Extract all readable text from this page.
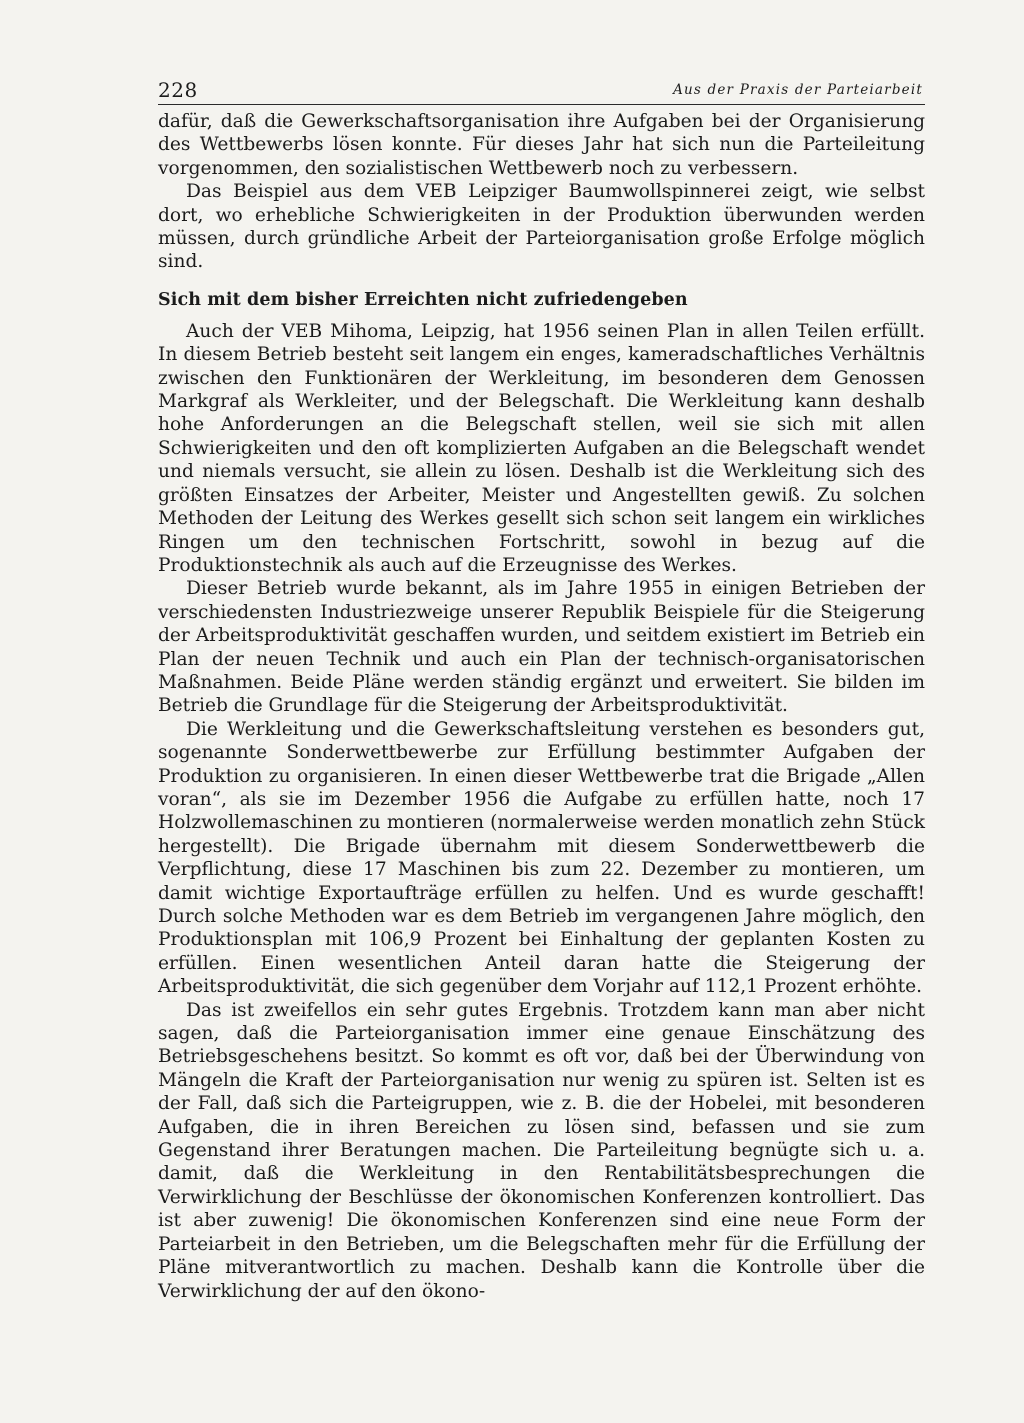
228	Aus der Praxis der Parteiarbeit

dafür, daß die Gewerkschaftsorganisation ihre Aufgaben bei der Organisierung des Wettbewerbs lösen konnte. Für dieses Jahr hat sich nun die Parteileitung vorgenommen, den sozialistischen Wettbewerb noch zu verbessern.

Das Beispiel aus dem VEB Leipziger Baumwollspinnerei zeigt, wie selbst dort, wo erhebliche Schwierigkeiten in der Produktion überwunden werden müssen, durch gründliche Arbeit der Parteiorganisation große Erfolge möglich sind.

Sich mit dem bisher Erreichten nicht zufriedengeben

Auch der VEB Mihoma, Leipzig, hat 1956 seinen Plan in allen Teilen erfüllt. In diesem Betrieb besteht seit langem ein enges, kameradschaftliches Verhältnis zwischen den Funktionären der Werkleitung, im besonderen dem Genossen Markgraf als Werkleiter, und der Belegschaft. Die Werkleitung kann deshalb hohe Anforderungen an die Belegschaft stellen, weil sie sich mit allen Schwierigkeiten und den oft komplizierten Aufgaben an die Belegschaft wendet und niemals versucht, sie allein zu lösen. Deshalb ist die Werkleitung sich des größten Einsatzes der Arbeiter, Meister und Angestellten gewiß. Zu solchen Methoden der Leitung des Werkes gesellt sich schon seit langem ein wirkliches Ringen um den technischen Fortschritt, sowohl in bezug auf die Produktionstechnik als auch auf die Erzeugnisse des Werkes.

Dieser Betrieb wurde bekannt, als im Jahre 1955 in einigen Betrieben der verschiedensten Industriezweige unserer Republik Beispiele für die Steigerung der Arbeitsproduktivität geschaffen wurden, und seitdem existiert im Betrieb ein Plan der neuen Technik und auch ein Plan der technisch-organisatorischen Maßnahmen. Beide Pläne werden ständig ergänzt und erweitert. Sie bilden im Betrieb die Grundlage für die Steigerung der Arbeitsproduktivität.

Die Werkleitung und die Gewerkschaftsleitung verstehen es besonders gut, sogenannte Sonderwettbewerbe zur Erfüllung bestimmter Aufgaben der Produktion zu organisieren. In einen dieser Wettbewerbe trat die Brigade „Allen voran“, als sie im Dezember 1956 die Aufgabe zu erfüllen hatte, noch 17 Holzwollemaschinen zu montieren (normalerweise werden monatlich zehn Stück hergestellt). Die Brigade übernahm mit diesem Sonderwettbewerb die Verpflichtung, diese 17 Maschinen bis zum 22. Dezember zu montieren, um damit wichtige Exportaufträge erfüllen zu helfen. Und es wurde geschafft! Durch solche Methoden war es dem Betrieb im vergangenen Jahre möglich, den Produktionsplan mit 106,9 Prozent bei Einhaltung der geplanten Kosten zu erfüllen. Einen wesentlichen Anteil daran hatte die Steigerung der Arbeitsproduktivität, die sich gegenüber dem Vorjahr auf 112,1 Prozent erhöhte.

Das ist zweifellos ein sehr gutes Ergebnis. Trotzdem kann man aber nicht sagen, daß die Parteiorganisation immer eine genaue Einschätzung des Betriebsgeschehens besitzt. So kommt es oft vor, daß bei der Überwindung von Mängeln die Kraft der Parteiorganisation nur wenig zu spüren ist. Selten ist es der Fall, daß sich die Parteigruppen, wie z. B. die der Hobelei, mit besonderen Aufgaben, die in ihren Bereichen zu lösen sind, befassen und sie zum Gegenstand ihrer Beratungen machen. Die Parteileitung begnügte sich u. a. damit, daß die Werkleitung in den Rentabilitätsbesprechungen die Verwirklichung der Beschlüsse der ökonomischen Konferenzen kontrolliert. Das ist aber zuwenig! Die ökonomischen Konferenzen sind eine neue Form der Parteiarbeit in den Betrieben, um die Belegschaften mehr für die Erfüllung der Pläne mitverantwortlich zu machen. Deshalb kann die Kontrolle über die Verwirklichung der auf den ökono-
